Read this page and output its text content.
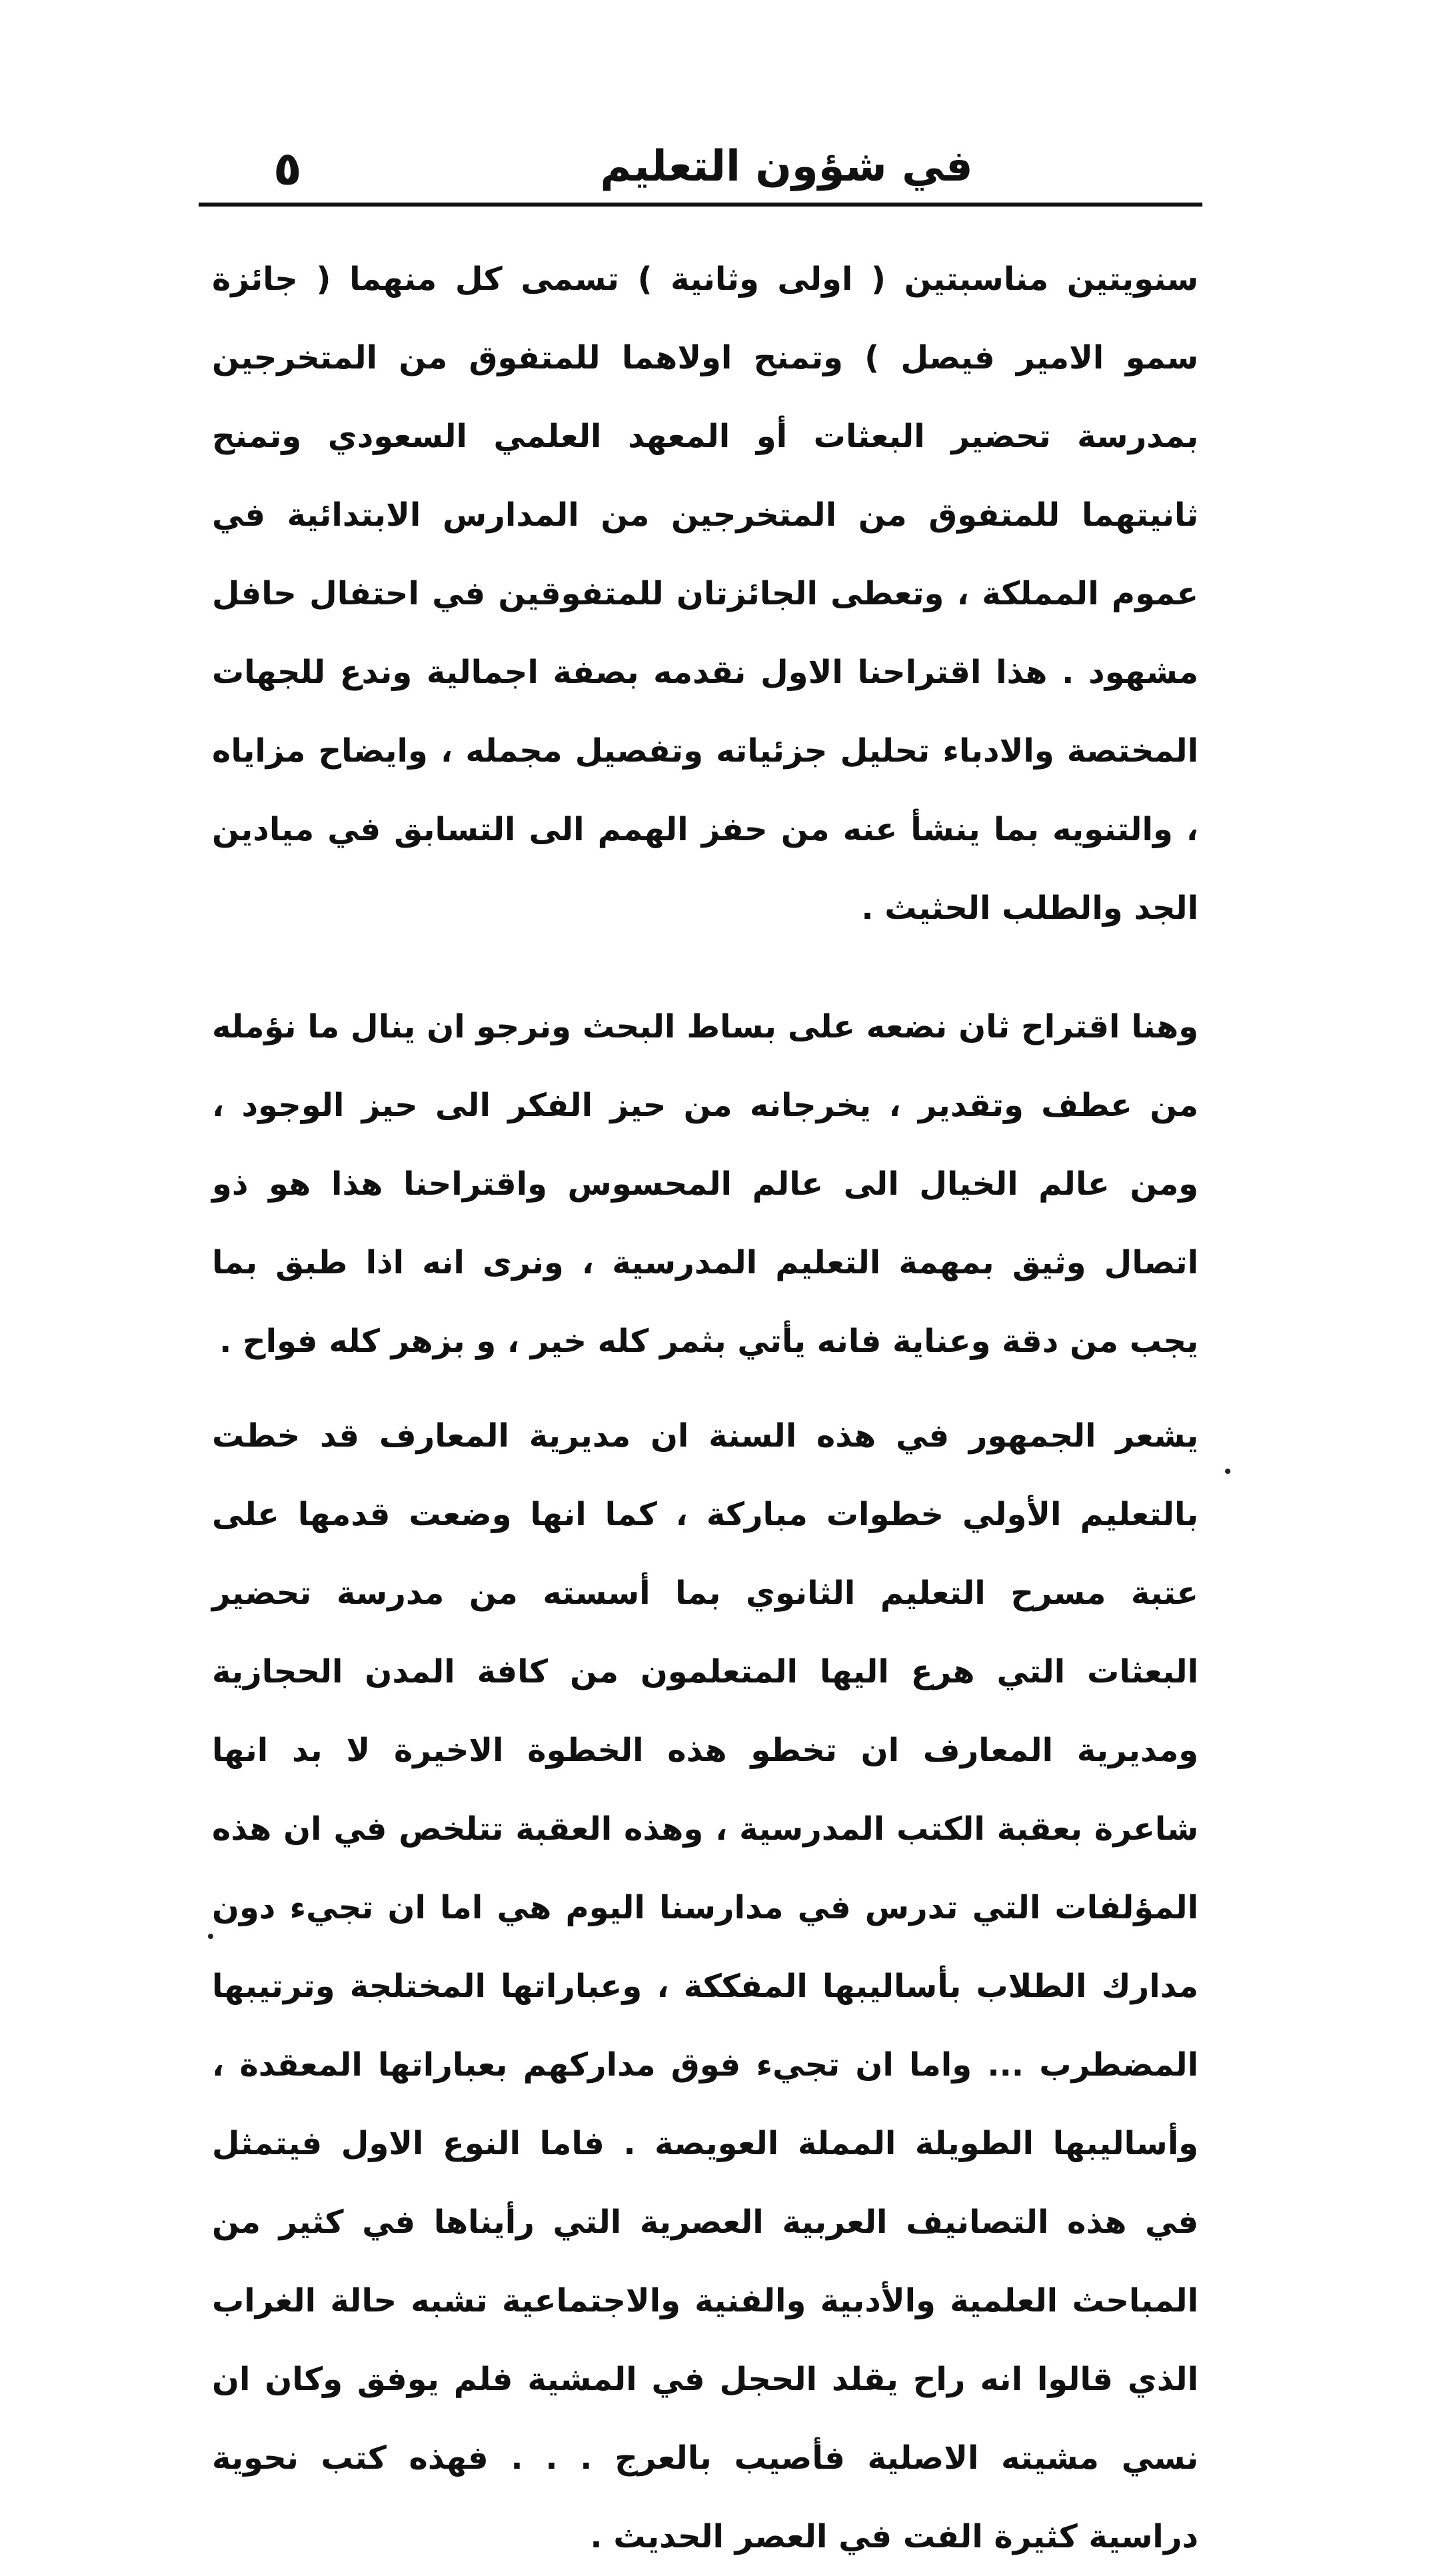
٥	في شؤون التعليم

سنويتين مناسبتين ( اولى وثانية ) تسمى كل منهما ( جائزة سمو الامير فيصل ) وتمنح اولاهما للمتفوق من المتخرجين بمدرسة تحضير البعثات أو المعهد العلمي السعودي وتمنح ثانيتهما للمتفوق من المتخرجين من المدارس الابتدائية في عموم المملكة ، وتعطى الجائزتان للمتفوقين في احتفال حافل مشهود . هذا اقتراحنا الاول نقدمه بصفة اجمالية وندع للجهات المختصة والادباء تحليل جزئياته وتفصيل مجمله ، وايضاح مزاياه ، والتنويه بما ينشأ عنه من حفز الهمم الى التسابق في ميادين الجد والطلب الحثيث .

وهنا اقتراح ثان نضعه على بساط البحث ونرجو ان ينال ما نؤمله من عطف وتقدير ، يخرجانه من حيز الفكر الى حيز الوجود ، ومن عالم الخيال الى عالم المحسوس واقتراحنا هذا هو ذو اتصال وثيق بمهمة التعليم المدرسية ، ونرى انه اذا طبق بما يجب من دقة وعناية فانه يأتي بثمر كله خير ، و بزهر كله فواح .

يشعر الجمهور في هذه السنة ان مديرية المعارف قد خطت بالتعليم الأولي خطوات مباركة ، كما انها وضعت قدمها على عتبة مسرح التعليم الثانوي بما أسسته من مدرسة تحضير البعثات التي هرع اليها المتعلمون من كافة المدن الحجازية ومديرية المعارف ان تخطو هذه الخطوة الاخيرة لا بد انها شاعرة بعقبة الكتب المدرسية ، وهذه العقبة تتلخص في ان هذه المؤلفات التي تدرس في مدارسنا اليوم هي اما ان تجيء دون مدارك الطلاب بأساليبها المفككة ، وعباراتها المختلجة وترتيبها المضطرب ... واما ان تجيء فوق مداركهم بعباراتها المعقدة ، وأساليبها الطويلة المملة العويصة . فاما النوع الاول فيتمثل في هذه التصانيف العربية العصرية التي رأيناها في كثير من المباحث العلمية والأدبية والفنية والاجتماعية تشبه حالة الغراب الذي قالوا انه راح يقلد الحجل في المشية فلم يوفق وكان ان نسي مشيته الاصلية فأصيب بالعرج . . . فهذه كتب نحوية دراسية كثيرة الفت في العصر الحديث .
